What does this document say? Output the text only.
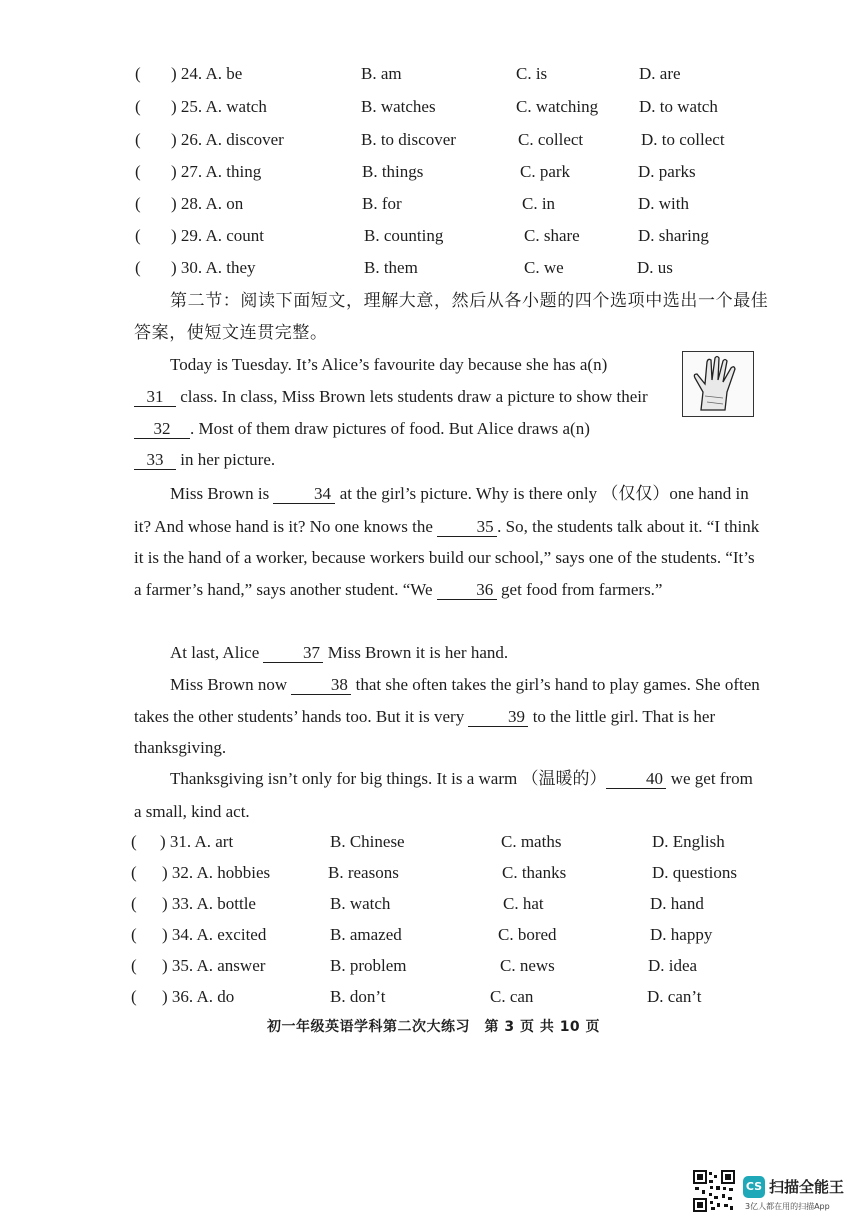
( ) 24. A. be	B. am	C. is	D. are
( ) 25. A. watch	B. watches	C. watching D. to watch
( ) 26. A. discover	B. to discover	C. collect	D. to collect
( ) 27. A. thing	B. things	C. park	D. parks
( ) 28. A. on	B. for	C. in	D. with
( ) 29. A. count	B. counting	C. share	D. sharing
( ) 30. A. they	B. them	C. we	D. us
第二节：阅读下面短文，理解大意，然后从各小题的四个选项中选出一个最佳答案，使短文连贯完整。
Today is Tuesday. It’s Alice’s favourite day because she has a(n)
31 class. In class, Miss Brown lets students draw a picture to show their 32 . Most of them draw pictures of food. But Alice draws a(n)
33 in her picture.
Miss Brown is 34 at the girl’s picture. Why is there only （仅仅）one hand in it? And whose hand is it? No one knows the 35 . So, the students talk about it. “I think it is the hand of a worker, because workers build our school,” says one of the students. “It’s a farmer’s hand,” says another student. “We 36 get food from farmers.”
At last, Alice 37 Miss Brown it is her hand.
Miss Brown now 38 that she often takes the girl’s hand to play games. She often takes the other students’ hands too. But it is very 39 to the little girl. That is her thanksgiving.
Thanksgiving isn’t only for big things. It is a warm （温暖的） 40 we get from a small, kind act.
( ) 31. A. art	B. Chinese	C. maths	D. English
( ) 32. A. hobbies	B. reasons	C. thanks	D. questions
( ) 33. A. bottle	B. watch	C. hat	D. hand
( ) 34. A. excited	B. amazed	C. bored	D. happy
( ) 35. A. answer	B. problem	C. news	D. idea
( ) 36. A. do	B. don’t	C. can	D. can’t
初一年级英语学科第二次大练习　第 3 页 共 10 页
CS 扫描全能王
3亿人都在用的扫描App
